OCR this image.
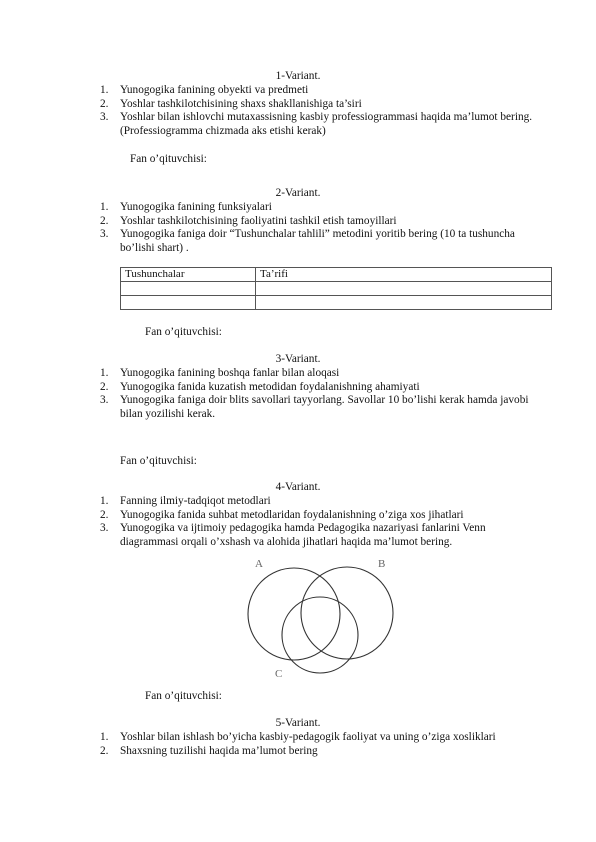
1-Variant.
1. Yunogogika fanining obyekti va predmeti
2. Yoshlar tashkilotchisining shaxs shakllanishiga ta’siri
3. Yoshlar bilan ishlovchi mutaxassisning kasbiy professiogrammasi haqida ma’lumot bering. (Professiogramma chizmada aks etishi kerak)
Fan o’qituvchisi:
2-Variant.
1. Yunogogika fanining funksiyalari
2. Yoshlar tashkilotchisining faoliyatini tashkil etish tamoyillari
3. Yunogogika faniga doir “Tushunchalar tahlili” metodini yoritib bering (10 ta tushuncha bo’lishi shart) .
Tushunchalar	Ta’rifi

Fan o’qituvchisi:
3-Variant.
1. Yunogogika fanining boshqa fanlar bilan aloqasi
2. Yunogogika fanida kuzatish metodidan foydalanishning ahamiyati
3. Yunogogika faniga doir blits savollari tayyorlang. Savollar 10 bo’lishi kerak hamda javobi bilan yozilishi kerak.
Fan o’qituvchisi:
4-Variant.
1. Fanning ilmiy-tadqiqot metodlari
2. Yunogogika fanida suhbat metodlaridan foydalanishning o’ziga xos jihatlari
3. Yunogogika va ijtimoiy pedagogika hamda Pedagogika nazariyasi fanlarini Venn diagrammasi orqali o’xshash va alohida jihatlari haqida ma’lumot bering.
A	B
C
Fan o’qituvchisi:
5-Variant.
1. Yoshlar bilan ishlash bo’yicha kasbiy-pedagogik faoliyat va uning o’ziga xosliklari
2. Shaxsning tuzilishi haqida ma’lumot bering
